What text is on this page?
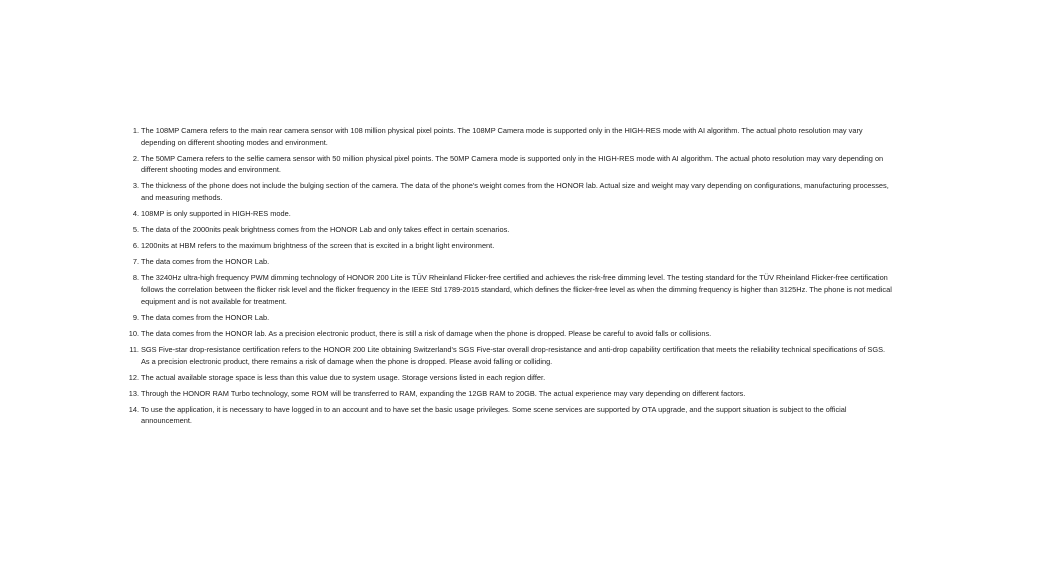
1. The 108MP Camera refers to the main rear camera sensor with 108 million physical pixel points. The 108MP Camera mode is supported only in the HIGH-RES mode with AI algorithm. The actual photo resolution may vary depending on different shooting modes and environment.
2. The 50MP Camera refers to the selfie camera sensor with 50 million physical pixel points. The 50MP Camera mode is supported only in the HIGH-RES mode with AI algorithm. The actual photo resolution may vary depending on different shooting modes and environment.
3. The thickness of the phone does not include the bulging section of the camera. The data of the phone's weight comes from the HONOR lab. Actual size and weight may vary depending on configurations, manufacturing processes, and measuring methods.
4. 108MP is only supported in HIGH-RES mode.
5. The data of the 2000nits peak brightness comes from the HONOR Lab and only takes effect in certain scenarios.
6. 1200nits at HBM refers to the maximum brightness of the screen that is excited in a bright light environment.
7. The data comes from the HONOR Lab.
8. The 3240Hz ultra-high frequency PWM dimming technology of HONOR 200 Lite is TÜV Rheinland Flicker-free certified and achieves the risk-free dimming level. The testing standard for the TÜV Rheinland Flicker-free certification follows the correlation between the flicker risk level and the flicker frequency in the IEEE Std 1789-2015 standard, which defines the flicker-free level as when the dimming frequency is higher than 3125Hz. The phone is not medical equipment and is not available for treatment.
9. The data comes from the HONOR Lab.
10. The data comes from the HONOR lab. As a precision electronic product, there is still a risk of damage when the phone is dropped. Please be careful to avoid falls or collisions.
11. SGS Five-star drop-resistance certification refers to the HONOR 200 Lite obtaining Switzerland's SGS Five-star overall drop-resistance and anti-drop capability certification that meets the reliability technical specifications of SGS. As a precision electronic product, there remains a risk of damage when the phone is dropped. Please avoid falling or colliding.
12. The actual available storage space is less than this value due to system usage. Storage versions listed in each region differ.
13. Through the HONOR RAM Turbo technology, some ROM will be transferred to RAM, expanding the 12GB RAM to 20GB. The actual experience may vary depending on different factors.
14. To use the application, it is necessary to have logged in to an account and to have set the basic usage privileges. Some scene services are supported by OTA upgrade, and the support situation is subject to the official announcement.
